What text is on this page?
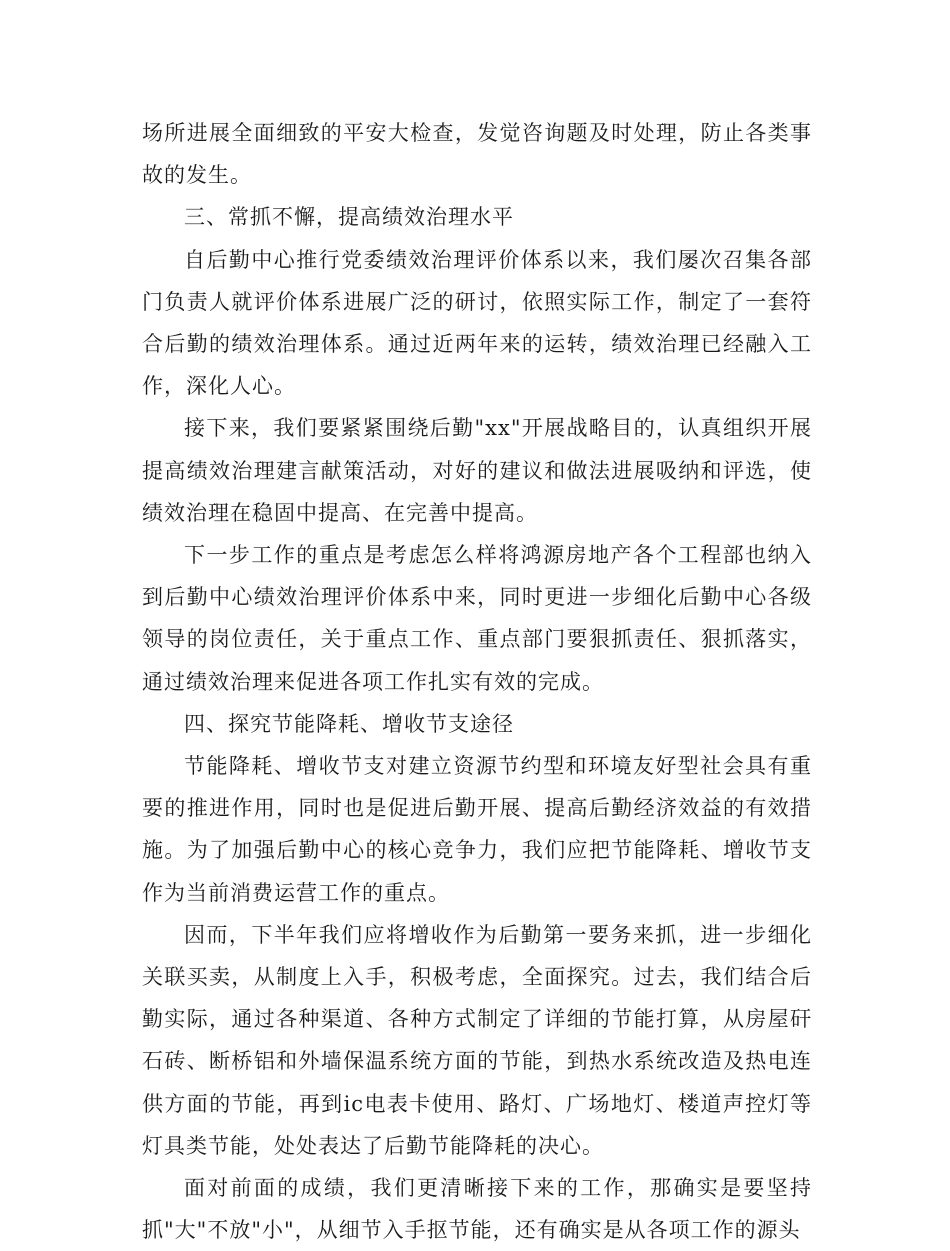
场所进展全面细致的平安大检查，发觉咨询题及时处理，防止各类事故的发生。

三、常抓不懈，提高绩效治理水平

自后勤中心推行党委绩效治理评价体系以来，我们屡次召集各部门负责人就评价体系进展广泛的研讨，依照实际工作，制定了一套符合后勤的绩效治理体系。通过近两年来的运转，绩效治理已经融入工作，深化人心。

接下来，我们要紧紧围绕后勤"xx"开展战略目的，认真组织开展提高绩效治理建言献策活动，对好的建议和做法进展吸纳和评选，使绩效治理在稳固中提高、在完善中提高。

下一步工作的重点是考虑怎么样将鸿源房地产各个工程部也纳入到后勤中心绩效治理评价体系中来，同时更进一步细化后勤中心各级领导的岗位责任，关于重点工作、重点部门要狠抓责任、狠抓落实，通过绩效治理来促进各项工作扎实有效的完成。

四、探究节能降耗、增收节支途径

节能降耗、增收节支对建立资源节约型和环境友好型社会具有重要的推进作用，同时也是促进后勤开展、提高后勤经济效益的有效措施。为了加强后勤中心的核心竞争力，我们应把节能降耗、增收节支作为当前消费运营工作的重点。

因而，下半年我们应将增收作为后勤第一要务来抓，进一步细化关联买卖，从制度上入手，积极考虑，全面探究。过去，我们结合后勤实际，通过各种渠道、各种方式制定了详细的节能打算，从房屋矸石砖、断桥铝和外墙保温系统方面的节能，到热水系统改造及热电连供方面的节能，再到ic电表卡使用、路灯、广场地灯、楼道声控灯等灯具类节能，处处表达了后勤节能降耗的决心。

面对前面的成绩，我们更清晰接下来的工作，那确实是要坚持抓"大"不放"小"，从细节入手抠节能，还有确实是从各项工作的源头
